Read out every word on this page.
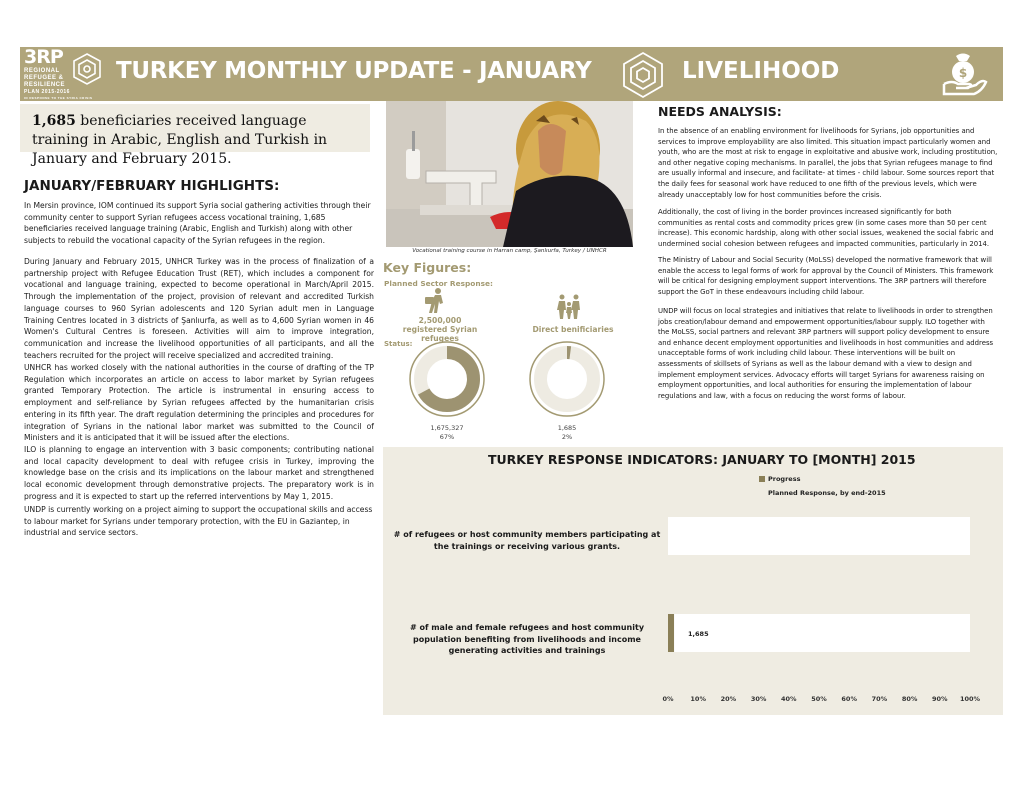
3RP
REGIONAL
REFUGEE &
RESILIENCE
PLAN 2015-2016
IN RESPONSE TO THE SYRIA CRISIS
TURKEY MONTHLY UPDATE - JANUARY	LIVELIHOOD	$
1,685 beneficiaries received language training in Arabic, English and Turkish in January and February 2015.
JANUARY/FEBRUARY HIGHLIGHTS:
In Mersin province, IOM continued its support Syria social gathering activities through their community center to support Syrian refugees access vocational training, 1,685 beneficiaries received language training (Arabic, English and Turkish) along with other subjects to rebuild the vocational capacity of the Syrian refugees in the region.
During January and February 2015, UNHCR Turkey was in the process of finalization of a partnership project with Refugee Education Trust (RET), which includes a component for vocational and language training, expected to become operational in March/April 2015. Through the implementation of the project, provision of relevant and accredited Turkish language courses to 960 Syrian adolescents and 120 Syrian adult men in Language Training Centres located in 3 districts of Şanlıurfa, as well as to 4,600 Syrian women in 46 Women's Cultural Centres is foreseen. Activities will aim to improve integration, communication and increase the livelihood opportunities of all participants, and all the teachers recruited for the project will receive specialized and accredited training.
UNHCR has worked closely with the national authorities in the course of drafting of the TP Regulation which incorporates an article on access to labor market by Syrian refugees granted Temporary Protection. The article is instrumental in ensuring access to employment and self-reliance by Syrian refugees affected by the humanitarian crisis entering in its fifth year. The draft regulation determining the principles and procedures for integration of Syrians in the national labor market was submitted to the Council of Ministers and it is anticipated that it will be issued after the elections.
ILO is planning to engage an intervention with 3 basic components; contributing national and local capacity development to deal with refugee crisis in Turkey, improving the knowledge base on the crisis and its implications on the labour market and strengthened local economic development through demonstrative projects. The preparatory work is in progress and it is expected to start up the referred interventions by May 1, 2015.
UNDP is currently working on a project aiming to support the occupational skills and access to labour market for Syrians under temporary protection, with the EU in Gaziantep, in industrial and service sectors.
Vocational training course in Harran camp, Şanlıurfa, Turkey / UNHCR
Key Figures:
Planned Sector Response:
2,500,000
registered Syrian refugees
Direct benificiaries
Status:
1,675,327
67%
1,685
2%
NEEDS ANALYSIS:
In the absence of an enabling environment for livelihoods for Syrians, job opportunities and services to improve employability are also limited. This situation impact particularly women and youth, who are the most at risk to engage in exploitative and abusive work, including prostitution, and other negative coping mechanisms. In parallel, the jobs that Syrian refugees manage to find are usually informal and insecure, and facilitate- at times - child labour. Some sources report that the daily fees for seasonal work have reduced to one fifth of the previous levels, which were already unacceptably low for host communities before the crisis.
Additionally, the cost of living in the border provinces increased significantly for both communities as rental costs and commodity prices grew (in some cases more than 50 per cent increase). This economic hardship, along with other social issues, weakened the social fabric and undermined social cohesion between refugees and impacted communities, particularly in 2014.
The Ministry of Labour and Social Security (MoLSS) developed the normative framework that will enable the access to legal forms of work for approval by the Council of Ministers. This framework will be critical for designing employment support interventions. The 3RP partners will therefore support the GoT in these endeavours including child labour.
UNDP will focus on local strategies and initiatives that relate to livelihoods in order to strengthen jobs creation/labour demand and empowerment opportunities/labour supply. ILO together with the MoLSS, social partners and relevant 3RP partners will support policy development to ensure and enhance decent employment opportunities and livelihoods in host communities and address unacceptable forms of work including child labour. These interventions will be built on assessments of skillsets of Syrians as well as the labour demand with a view to design and implement employment services. Advocacy efforts will target Syrians for awareness raising on employment opportunities, and local authorities for ensuring the implementation of labour regulations and law, with a focus on reducing the worst forms of labour.
TURKEY RESPONSE INDICATORS: JANUARY TO [MONTH] 2015
Progress
Planned Response, by end-2015
# of refugees or host community members participating at the trainings or receiving various grants.
# of male and female refugees and host community population benefiting from livelihoods and income generating activities and trainings
1,685
0%	10% 20% 30% 40% 50% 60% 70% 80% 90% 100%
